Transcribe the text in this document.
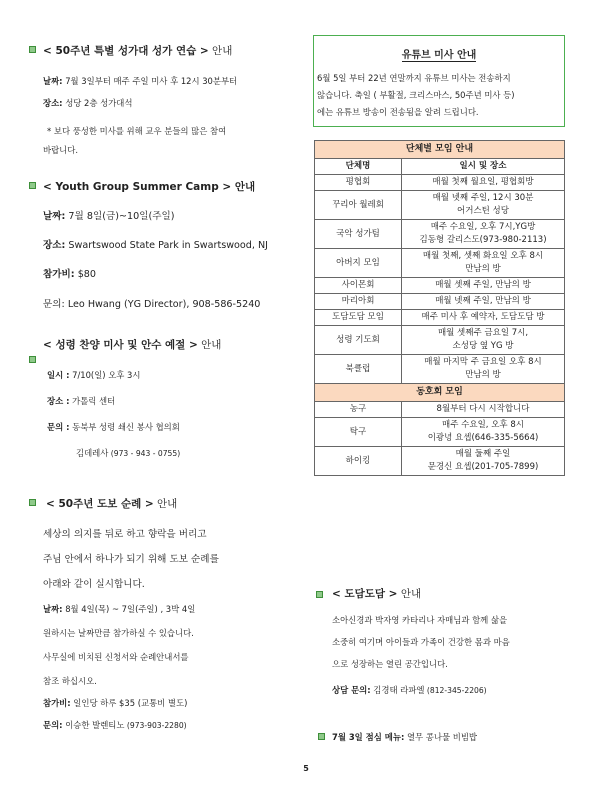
< 50주년 특별 성가대 성가 연습 > 안내
날짜: 7월 3일부터 매주 주일 미사 후 12시 30분부터
장소: 성당 2층 성가대석
* 보다 풍성한 미사를 위해 교우 분들의 많은 참여
바랍니다.
< Youth Group Summer Camp > 안내
날짜: 7월 8일(금)~10일(주일)
장소: Swartswood State Park in Swartswood, NJ
참가비: $80
문의: Leo Hwang (YG Director), 908-586-5240
< 성령 찬양 미사 및 안수 예절 > 안내
일시 : 7/10(일) 오후 3시
장소 : 가톨릭 센터
문의 : 동북부 성령 쇄신 봉사 협의회
김데레사 (973 - 943 - 0755)
< 50주년 도보 순례 > 안내
세상의 의지를 뒤로 하고 향락을 버리고
주님 안에서 하나가 되기 위해 도보 순례를
아래와 같이 실시합니다.
날짜: 8월 4일(목) ~ 7일(주일) , 3박 4일
원하시는 날짜만큼 참가하실 수 있습니다.
사무실에 비치된 신청서와 순례안내서를
참조 하십시오.
참가비: 일인당 하루 $35 (교통비 별도)
문의: 이승한 발렌티노 (973-903-2280)
유튜브 미사 안내
6월 5일 부터 22년 연말까지 유튜브 미사는 전송하지
않습니다. 축일 ( 부활절, 크리스마스, 50주년 미사 등)
에는 유튜브 방송이 전송됨을 알려 드립니다.
단체별 모임 안내	
단체명	일시 및 장소
평협회	매월 첫째 월요일, 평협회방

꾸리아 월레회	매월 넷째 주일, 12시 30분
어거스틴 성당

국악 성가팀	매주 수요일, 오후 7시,YG방
김동형 갈리스도(973-980-2113)

아버지 모임	매월 첫째, 셋째 화요일 오후 8시
만남의 방

사이몬회	매월 셋째 주일, 만남의 방

마리아회	매월 넷째 주일, 만남의 방

도담도담 모임	매주 미사 후 예약자, 도담도담 방

성령 기도회	매월 셋째주 금요일 7시,
소성당 옆 YG 방

북클럽	매월 마지막 주 금요일 오후 8시
만남의 방

동호회 모임	
농구	8월부터 다시 시작합니다

탁구	매주 수요일, 오후 8시
이광녕 요셉(646-335-5664)

하이킹	매월 둘째 주일
문경신 요셉(201-705-7899)
< 도담도담 > 안내
소아신경과 박자영 카타리나 자매님과 함께 삶을
소중히 여기며 아이들과 가족이 건강한 몸과 마음
으로 성장하는 열린 공간입니다.
상담 문의: 김경태 라파엘 (812-345-2206)
7월 3일 점심 메뉴: 열무 콩나물 비빔밥
5
